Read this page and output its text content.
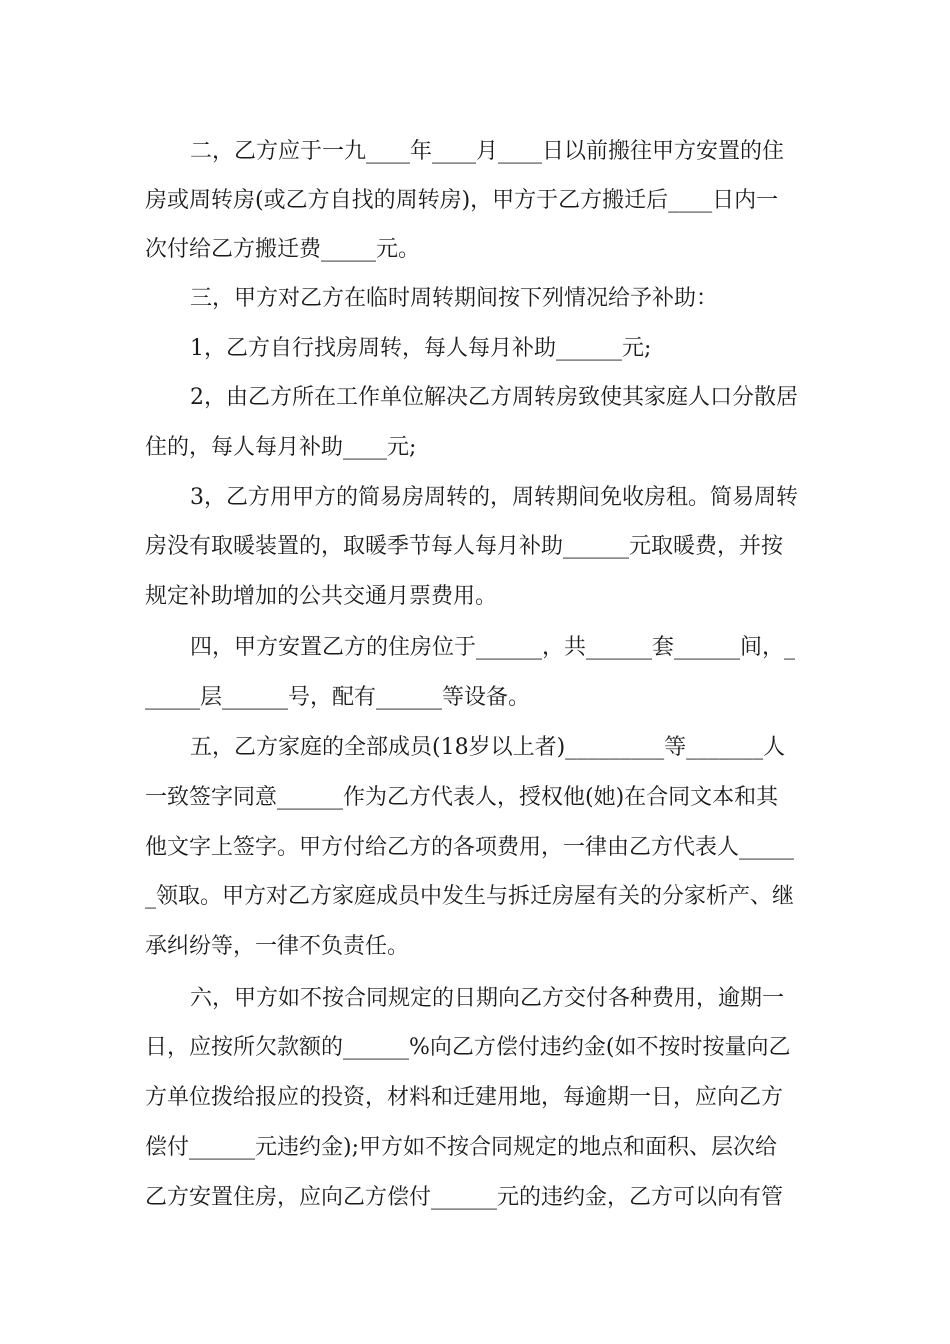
二，乙方应于一九____年____月____日以前搬往甲方安置的住
房或周转房(或乙方自找的周转房)，甲方于乙方搬迁后____日内一
次付给乙方搬迁费_____元。
三，甲方对乙方在临时周转期间按下列情况给予补助：
1，乙方自行找房周转，每人每月补助______元;
2，由乙方所在工作单位解决乙方周转房致使其家庭人口分散居
住的，每人每月补助____元;
3，乙方用甲方的简易房周转的，周转期间免收房租。简易周转
房没有取暖装置的，取暖季节每人每月补助______元取暖费，并按
规定补助增加的公共交通月票费用。
四，甲方安置乙方的住房位于______，共______套______间，_
_____层______号，配有______等设备。
五，乙方家庭的全部成员(18岁以上者)_________等_______人
一致签字同意______作为乙方代表人，授权他(她)在合同文本和其
他文字上签字。甲方付给乙方的各项费用，一律由乙方代表人_____
_领取。甲方对乙方家庭成员中发生与拆迁房屋有关的分家析产、继
承纠纷等，一律不负责任。
六，甲方如不按合同规定的日期向乙方交付各种费用，逾期一
日，应按所欠款额的______%向乙方偿付违约金(如不按时按量向乙
方单位拨给报应的投资，材料和迁建用地，每逾期一日，应向乙方
偿付______元违约金);甲方如不按合同规定的地点和面积、层次给
乙方安置住房，应向乙方偿付______元的违约金，乙方可以向有管
